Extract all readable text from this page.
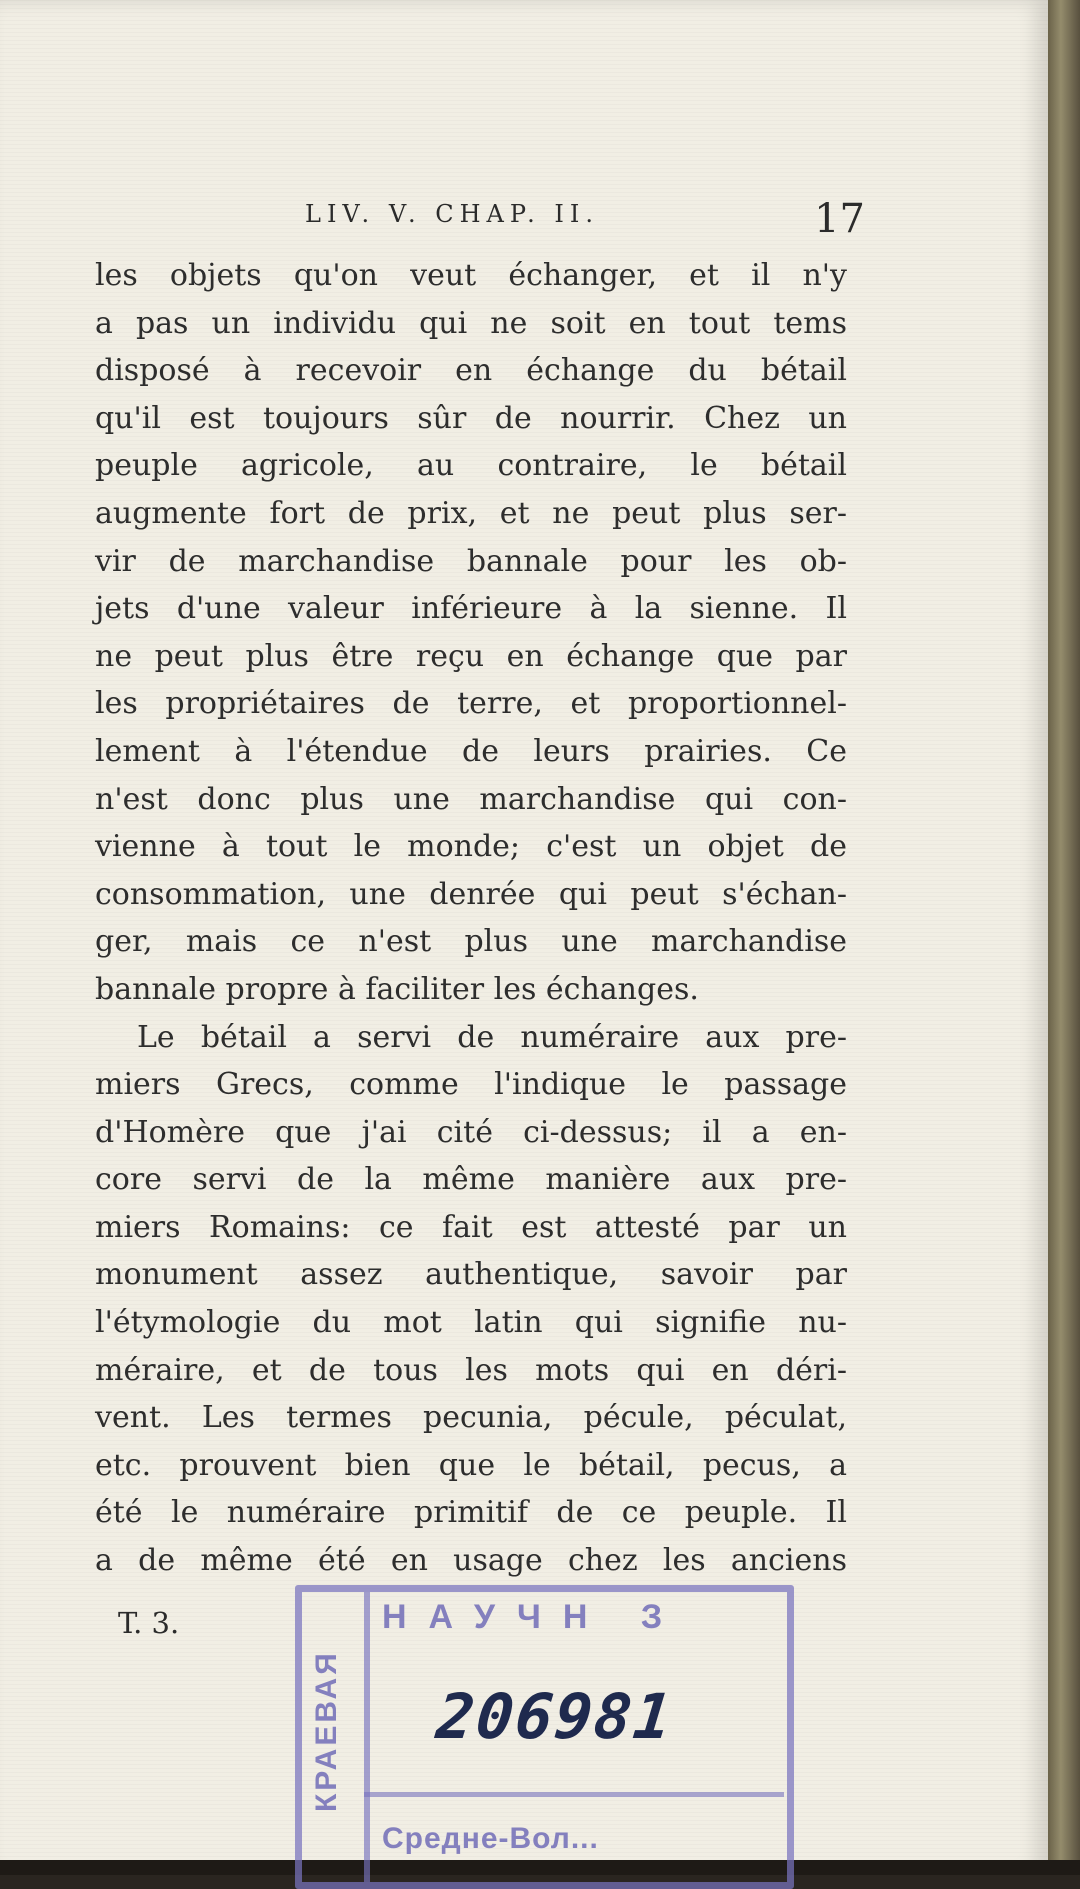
LIV. V. CHAP. II.	17
les objets qu'on veut échanger, et il n'y
a pas un individu qui ne soit en tout tems
disposé à recevoir en échange du bétail
qu'il est toujours sûr de nourrir. Chez un
peuple agricole, au contraire, le bétail
augmente fort de prix, et ne peut plus ser-
vir de marchandise bannale pour les ob-
jets d'une valeur inférieure à la sienne. Il
ne peut plus être reçu en échange que par
les propriétaires de terre, et proportionnel-
lement à l'étendue de leurs prairies. Ce
n'est donc plus une marchandise qui con-
vienne à tout le monde; c'est un objet de
consommation, une denrée qui peut s'échan-
ger, mais ce n'est plus une marchandise
bannale propre à faciliter les échanges.
Le bétail a servi de numéraire aux pre-
miers Grecs, comme l'indique le passage
d'Homère que j'ai cité ci-dessus; il a en-
core servi de la même manière aux pre-
miers Romains: ce fait est attesté par un
monument assez authentique, savoir par
l'étymologie du mot latin qui signifie nu-
méraire, et de tous les mots qui en déri-
vent. Les termes pecunia, pécule, péculat,
etc. prouvent bien que le bétail, pecus, a
été le numéraire primitif de ce peuple. Il
a de même été en usage chez les anciens
T. 3.
КРАЕВАЯ
НАУЧН З
206981
Средне-Вол...
